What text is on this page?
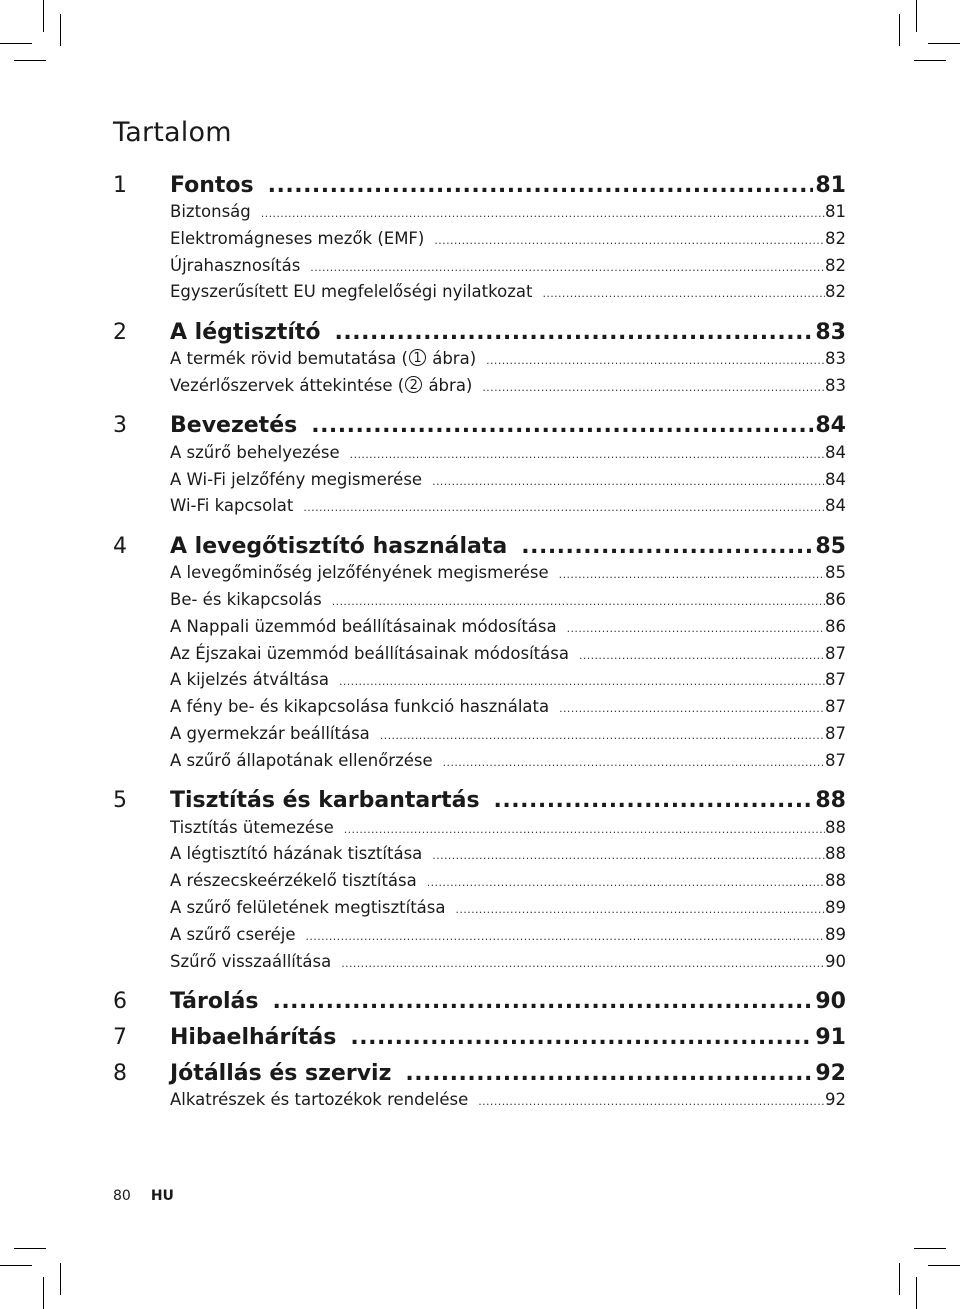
Tartalom
1	Fontos .....	81
Biztonság .....	81
Elektromágneses mezők (EMF) .....	82
Újrahasznosítás .....	82
Egyszerűsített EU megfelelőségi nyilatkozat .....	82
2	A légtisztító .....	83
A termék rövid bemutatása ( 1 ábra) .....	83
Vezérlőszervek áttekintése ( 2 ábra) .....	83
3	Bevezetés .....	84
A szűrő behelyezése .....	84
A Wi-Fi jelzőfény megismerése .....	84
Wi-Fi kapcsolat .....	84
4	A levegőtisztító használata .....	85
A levegőminőség jelzőfényének megismerése .....	85
Be- és kikapcsolás .....	86
A Nappali üzemmód beállításainak módosítása .....	86
Az Éjszakai üzemmód beállításainak módosítása .....	87
A kijelzés átváltása .....	87
A fény be- és kikapcsolása funkció használata .....	87
A gyermekzár beállítása .....	87
A szűrő állapotának ellenőrzése .....	87
5	Tisztítás és karbantartás .....	88
Tisztítás ütemezése .....	88
A légtisztító házának tisztítása .....	88
A részecskeérzékelő tisztítása .....	88
A szűrő felületének megtisztítása .....	89
A szűrő cseréje .....	89
Szűrő visszaállítása .....	90
6	Tárolás .....	90
7	Hibaelhárítás .....	91
8	Jótállás és szerviz .....	92
Alkatrészek és tartozékok rendelése .....	92
80 HU
